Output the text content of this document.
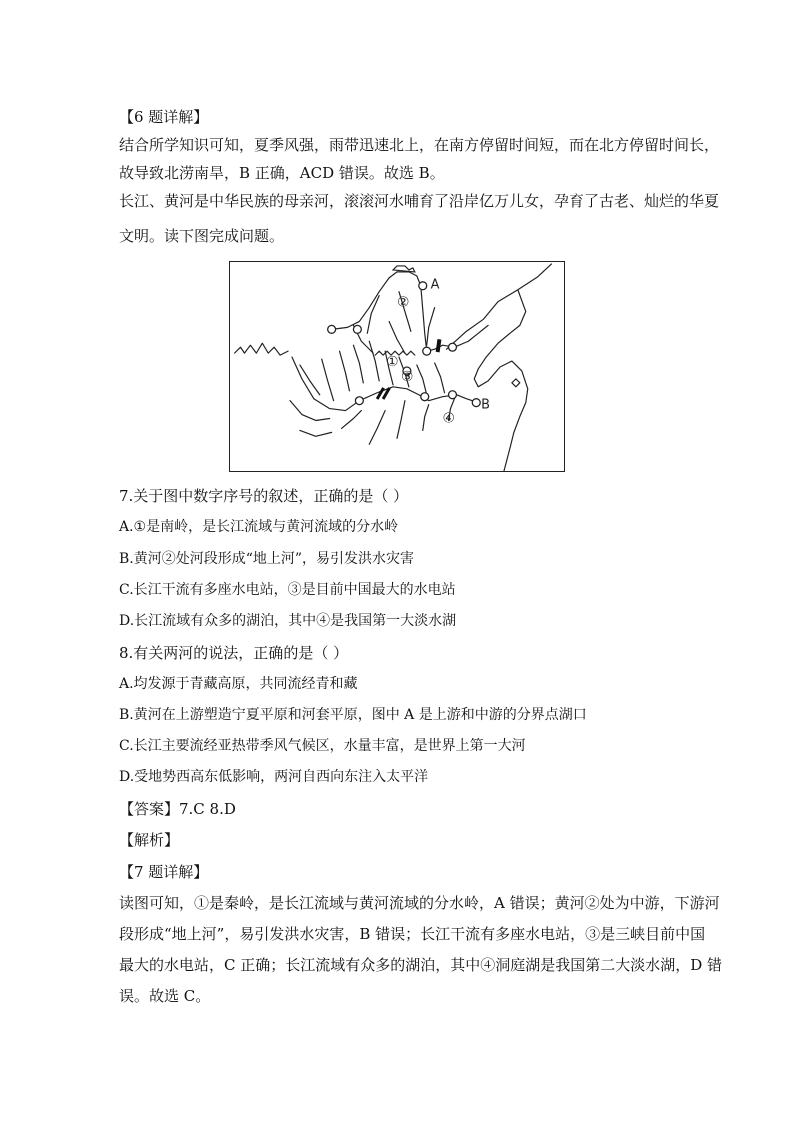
【6 题详解】
结合所学知识可知，夏季风强，雨带迅速北上，在南方停留时间短，而在北方停留时间长，
故导致北涝南旱，B 正确，ACD 错误。故选 B。
长江、黄河是中华民族的母亲河，滚滚河水哺育了沿岸亿万儿女，孕育了古老、灿烂的华夏
文明。读下图完成问题。
A
B
②
①
③
④
7.关于图中数字序号的叙述，正确的是（ ）
A.①是南岭，是长江流域与黄河流域的分水岭
B.黄河②处河段形成“地上河”，易引发洪水灾害
C.长江干流有多座水电站，③是目前中国最大的水电站
D.长江流域有众多的湖泊，其中④是我国第一大淡水湖
8.有关两河的说法，正确的是（ ）
A.均发源于青藏高原，共同流经青和藏
B.黄河在上游塑造宁夏平原和河套平原，图中 A 是上游和中游的分界点湖口
C.长江主要流经亚热带季风气候区，水量丰富，是世界上第一大河
D.受地势西高东低影响，两河自西向东注入太平洋
【答案】7.C 8.D
【解析】
【7 题详解】
读图可知，①是秦岭，是长江流域与黄河流域的分水岭，A 错误；黄河②处为中游，下游河
段形成“地上河”，易引发洪水灾害，B 错误；长江干流有多座水电站，③是三峡目前中国
最大的水电站，C 正确；长江流域有众多的湖泊，其中④洞庭湖是我国第二大淡水湖，D 错
误。故选 C。
